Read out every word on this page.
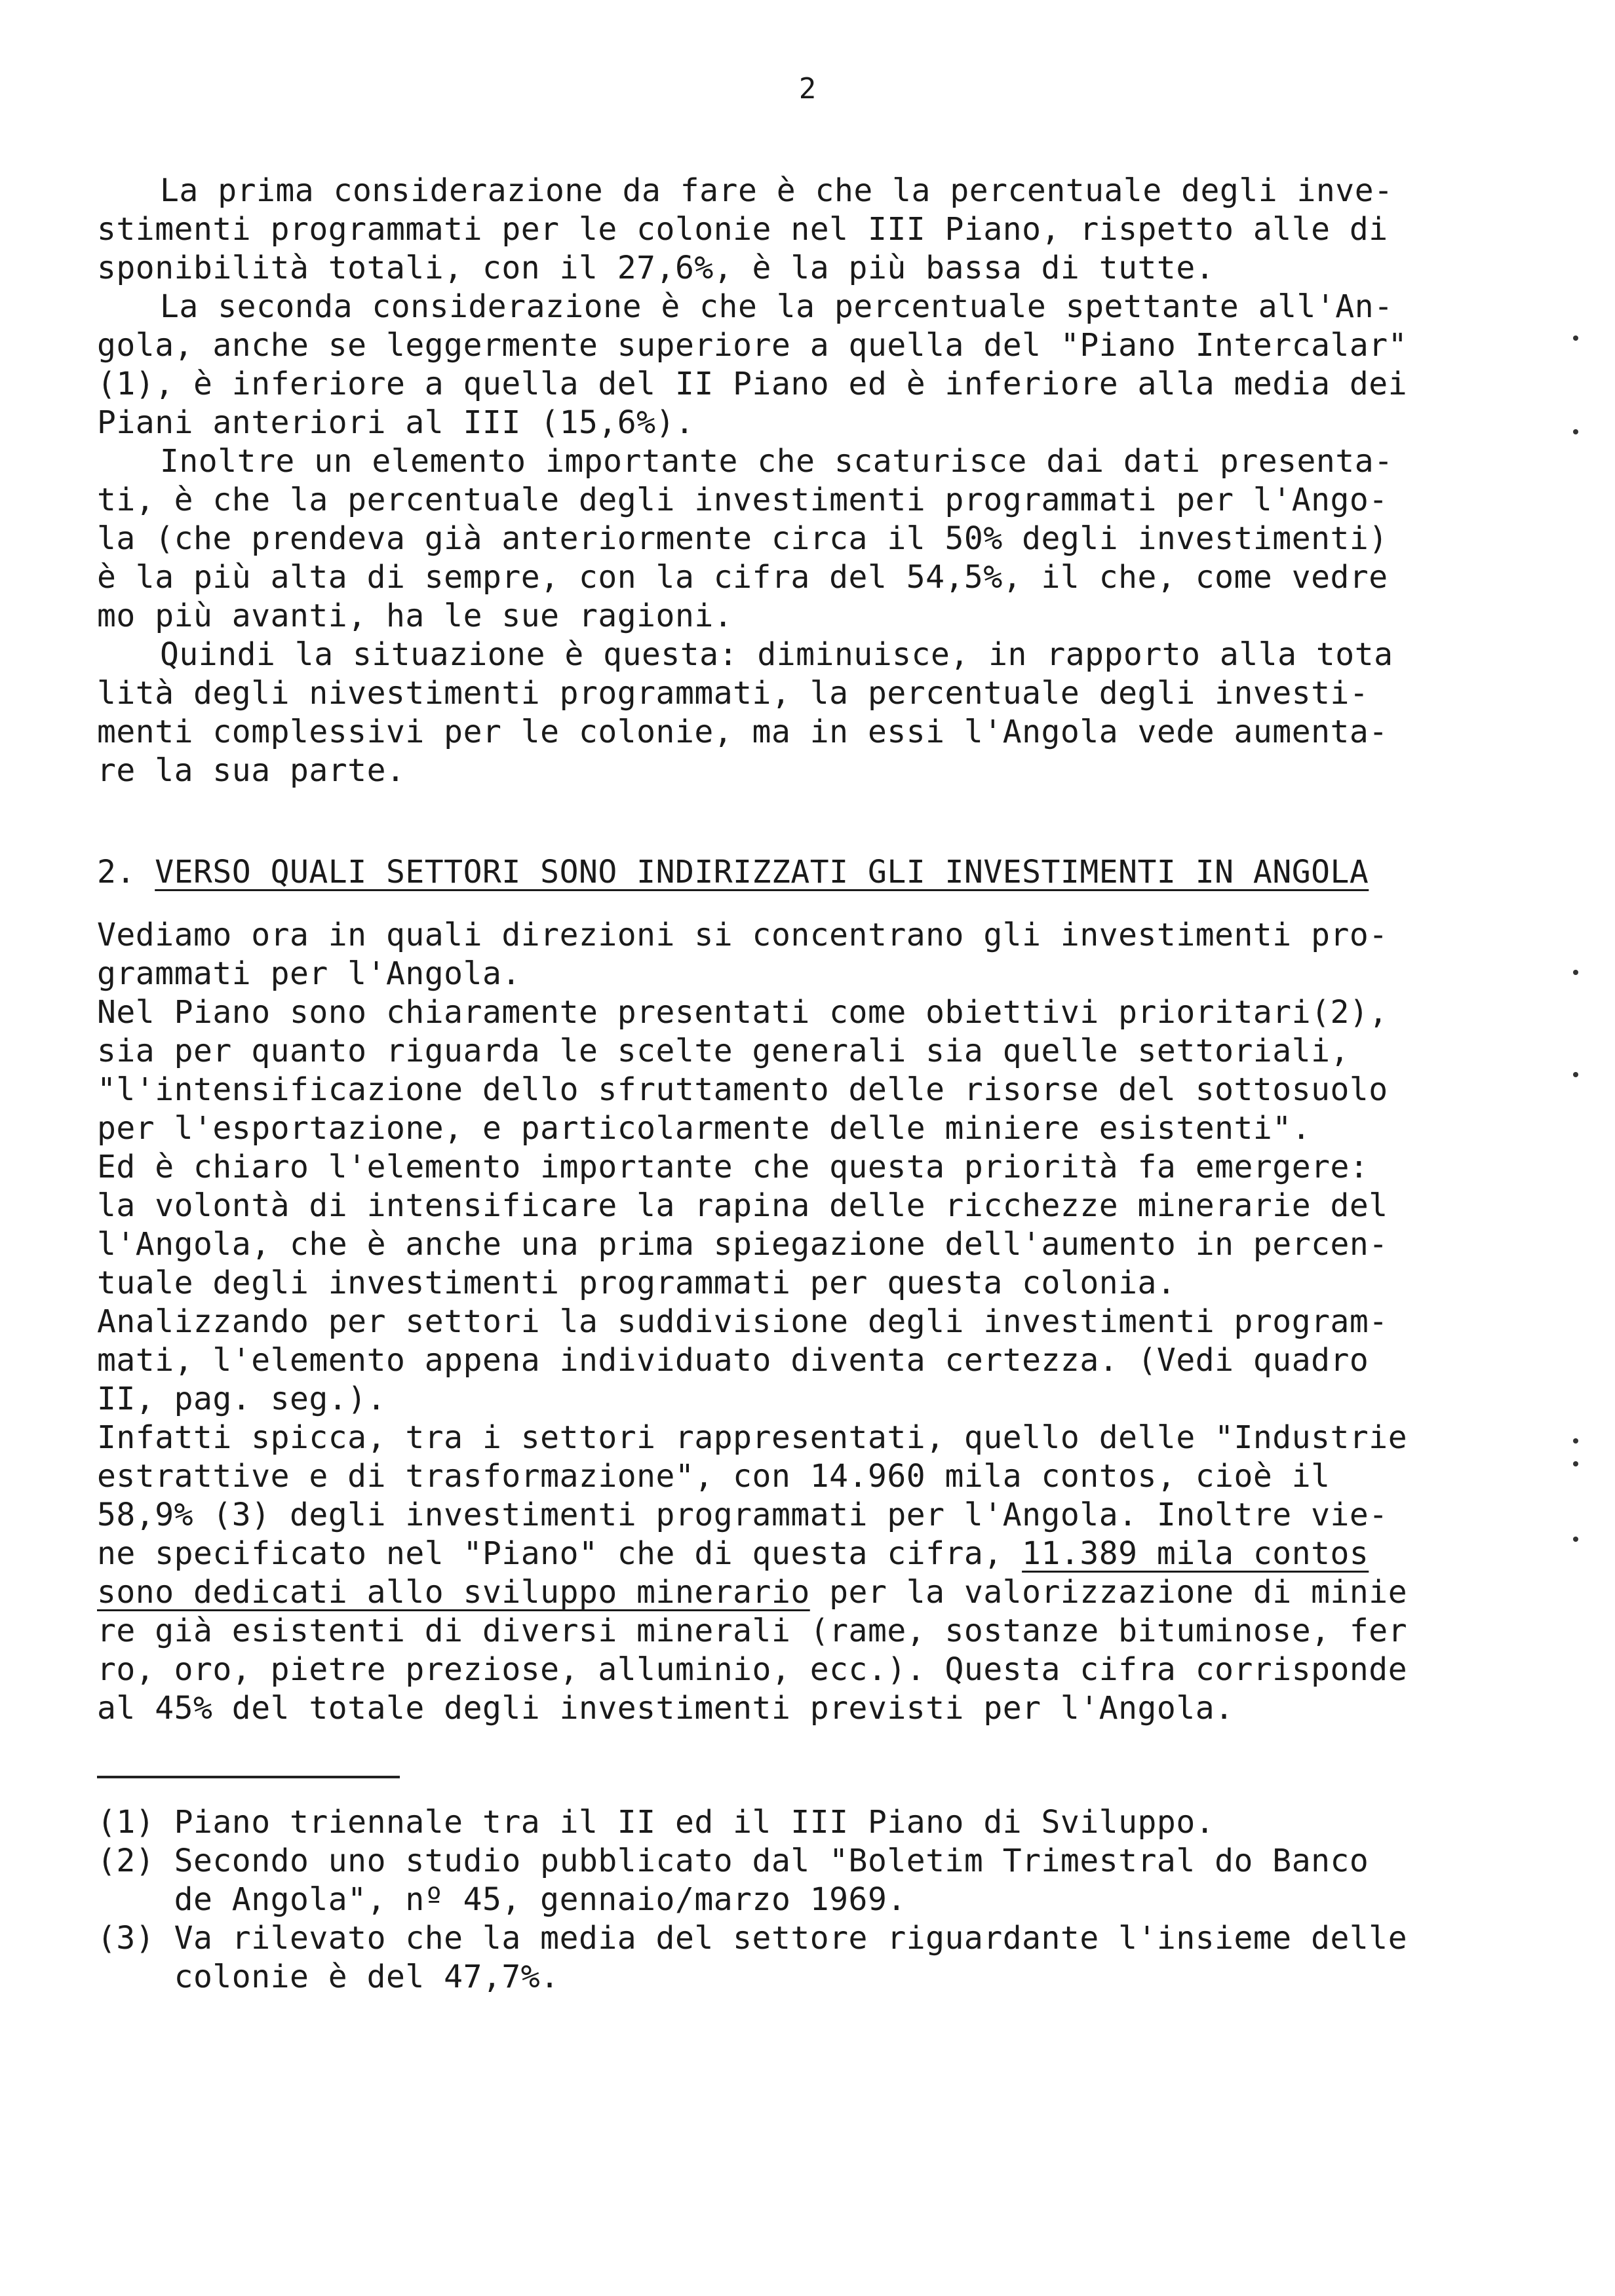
2
La prima considerazione da fare è che la percentuale degli inve-
stimenti programmati per le colonie nel III Piano, rispetto alle di
sponibilità totali, con il 27,6%, è la più bassa di tutte.
La seconda considerazione è che la percentuale spettante all'An-
gola, anche se leggermente superiore a quella del "Piano Intercalar"
(1), è inferiore a quella del II Piano ed è inferiore alla media dei
Piani anteriori al III (15,6%).
Inoltre un elemento importante che scaturisce dai dati presenta-
ti, è che la percentuale degli investimenti programmati per l'Ango-
la (che prendeva già anteriormente circa il 50% degli investimenti)
è la più alta di sempre, con la cifra del 54,5%, il che, come vedre
mo più avanti, ha le sue ragioni.
Quindi la situazione è questa: diminuisce, in rapporto alla tota
lità degli nivestimenti programmati, la percentuale degli investi-
menti complessivi per le colonie, ma in essi l'Angola vede aumenta-
re la sua parte.
2. VERSO QUALI SETTORI SONO INDIRIZZATI GLI INVESTIMENTI IN ANGOLA
Vediamo ora in quali direzioni si concentrano gli investimenti pro-
grammati per l'Angola.
Nel Piano sono chiaramente presentati come obiettivi prioritari(2),
sia per quanto riguarda le scelte generali sia quelle settoriali,
"l'intensificazione dello sfruttamento delle risorse del sottosuolo
per l'esportazione, e particolarmente delle miniere esistenti".
Ed è chiaro l'elemento importante che questa priorità fa emergere:
la volontà di intensificare la rapina delle ricchezze minerarie del
l'Angola, che è anche una prima spiegazione dell'aumento in percen-
tuale degli investimenti programmati per questa colonia.
Analizzando per settori la suddivisione degli investimenti program-
mati, l'elemento appena individuato diventa certezza. (Vedi quadro
II, pag. seg.).
Infatti spicca, tra i settori rappresentati, quello delle "Industrie
estrattive e di trasformazione", con 14.960 mila contos, cioè il
58,9% (3) degli investimenti programmati per l'Angola. Inoltre vie-
ne specificato nel "Piano" che di questa cifra, 11.389 mila contos
sono dedicati allo sviluppo minerario per la valorizzazione di minie
re già esistenti di diversi minerali (rame, sostanze bituminose, fer
ro, oro, pietre preziose, alluminio, ecc.). Questa cifra corrisponde
al 45% del totale degli investimenti previsti per l'Angola.
(1) Piano triennale tra il II ed il III Piano di Sviluppo.
(2) Secondo uno studio pubblicato dal "Boletim Trimestral do Banco
de Angola", nº 45, gennaio/marzo 1969.
(3) Va rilevato che la media del settore riguardante l'insieme delle
colonie è del 47,7%.
